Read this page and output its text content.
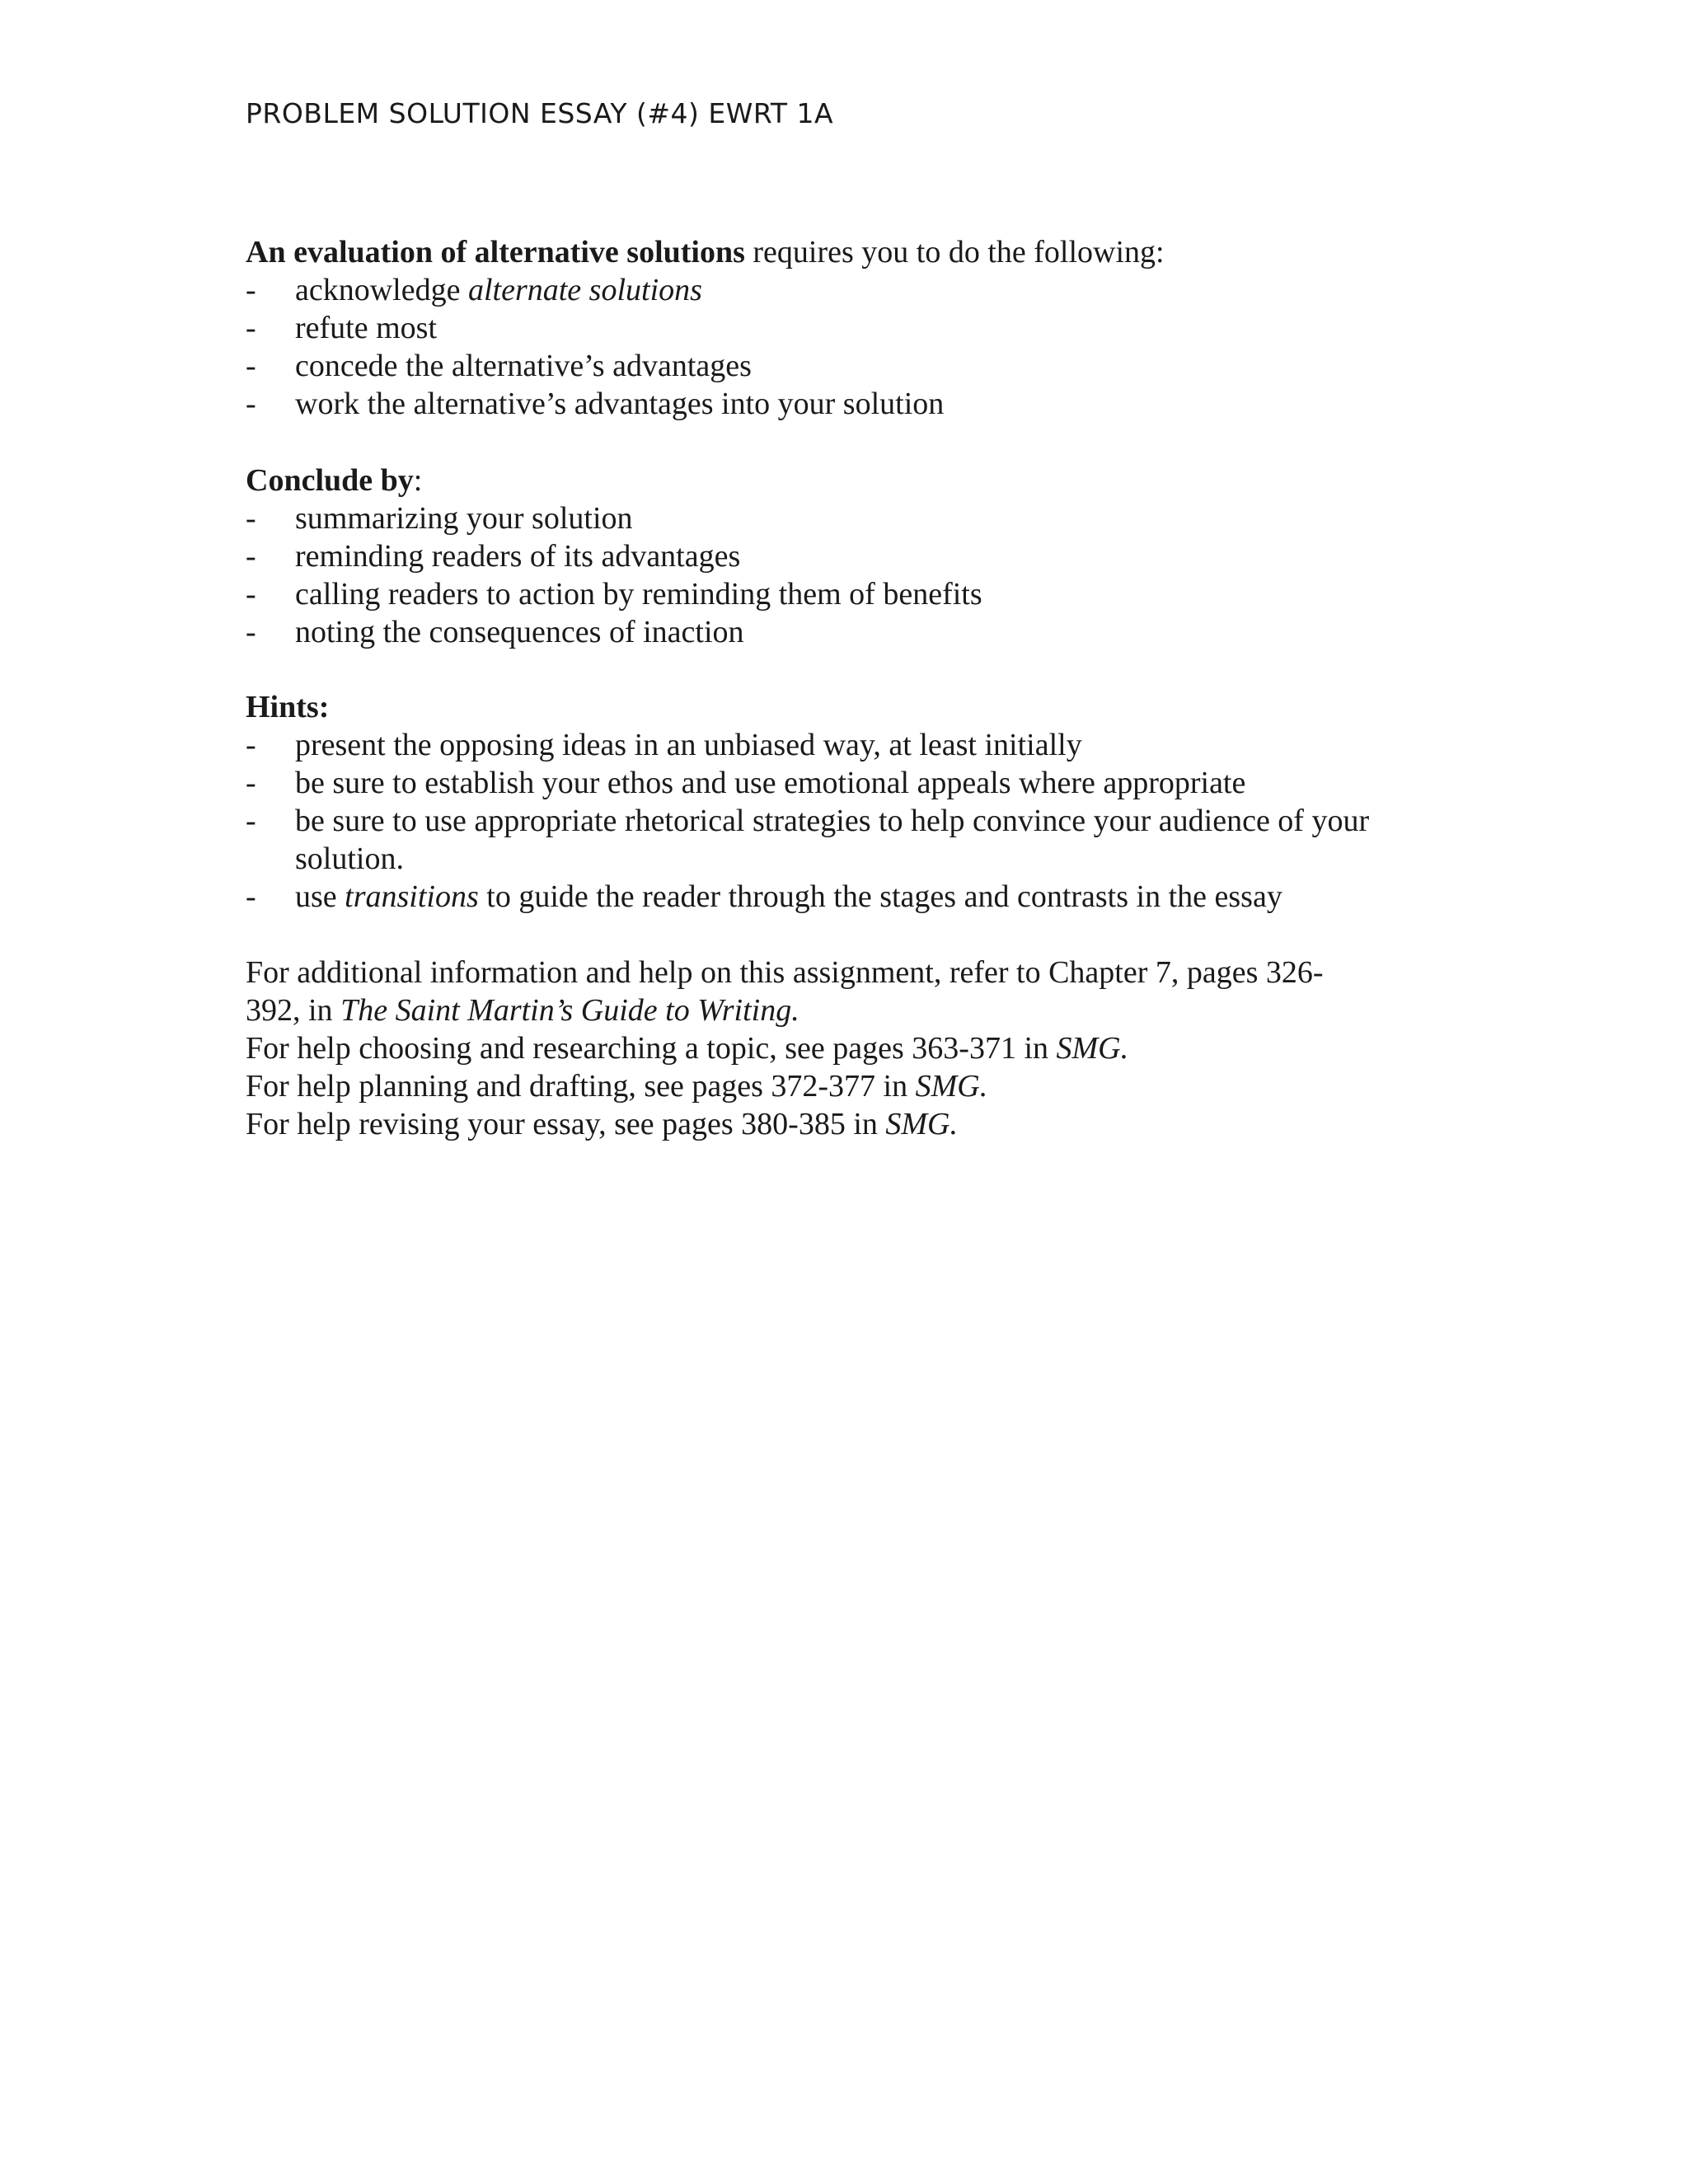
PROBLEM SOLUTION ESSAY (#4) EWRT 1A
An evaluation of alternative solutions requires you to do the following:
- acknowledge alternate solutions
- refute most
- concede the alternative’s advantages
- work the alternative’s advantages into your solution
Conclude by:
- summarizing your solution
- reminding readers of its advantages
- calling readers to action by reminding them of benefits
- noting the consequences of inaction
Hints:
- present the opposing ideas in an unbiased way, at least initially
- be sure to establish your ethos and use emotional appeals where appropriate
- be sure to use appropriate rhetorical strategies to help convince your audience of your
solution.
- use transitions to guide the reader through the stages and contrasts in the essay
For additional information and help on this assignment, refer to Chapter 7, pages 326-
392, in The Saint Martin’s Guide to Writing.
For help choosing and researching a topic, see pages 363-371 in SMG.
For help planning and drafting, see pages 372-377 in SMG.
For help revising your essay, see pages 380-385 in SMG.
